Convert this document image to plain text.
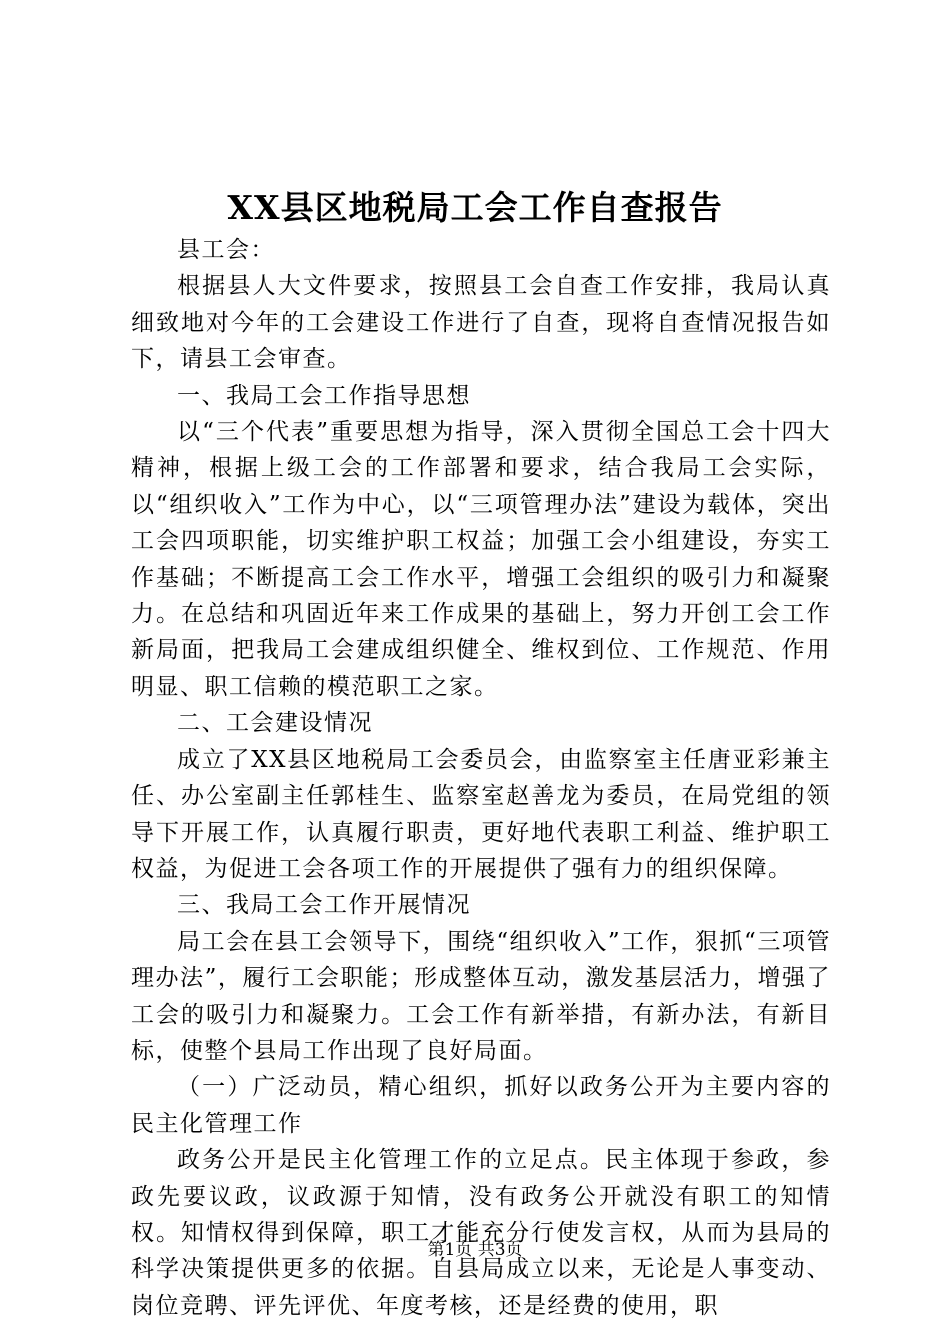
XX县区地税局工会工作自查报告

县工会：

根据县人大文件要求，按照县工会自查工作安排，我局认真细致地对今年的工会建设工作进行了自查，现将自查情况报告如下，请县工会审查。

一、我局工会工作指导思想

以“三个代表”重要思想为指导，深入贯彻全国总工会十四大精神，根据上级工会的工作部署和要求，结合我局工会实际，以“组织收入”工作为中心，以“三项管理办法”建设为载体，突出工会四项职能，切实维护职工权益；加强工会小组建设，夯实工作基础；不断提高工会工作水平，增强工会组织的吸引力和凝聚力。在总结和巩固近年来工作成果的基础上，努力开创工会工作新局面，把我局工会建成组织健全、维权到位、工作规范、作用明显、职工信赖的模范职工之家。

二、工会建设情况

成立了XX县区地税局工会委员会，由监察室主任唐亚彩兼主任、办公室副主任郭桂生、监察室赵善龙为委员，在局党组的领导下开展工作，认真履行职责，更好地代表职工利益、维护职工权益，为促进工会各项工作的开展提供了强有力的组织保障。

三、我局工会工作开展情况

局工会在县工会领导下，围绕“组织收入”工作，狠抓“三项管理办法”，履行工会职能；形成整体互动，激发基层活力，增强了工会的吸引力和凝聚力。工会工作有新举措，有新办法，有新目标，使整个县局工作出现了良好局面。

（一）广泛动员，精心组织，抓好以政务公开为主要内容的民主化管理工作

政务公开是民主化管理工作的立足点。民主体现于参政，参政先要议政，议政源于知情，没有政务公开就没有职工的知情权。知情权得到保障，职工才能充分行使发言权，从而为县局的科学决策提供更多的依据。自县局成立以来，无论是人事变动、岗位竞聘、评先评优、年度考核，还是经费的使用，职

第1页 共3页
